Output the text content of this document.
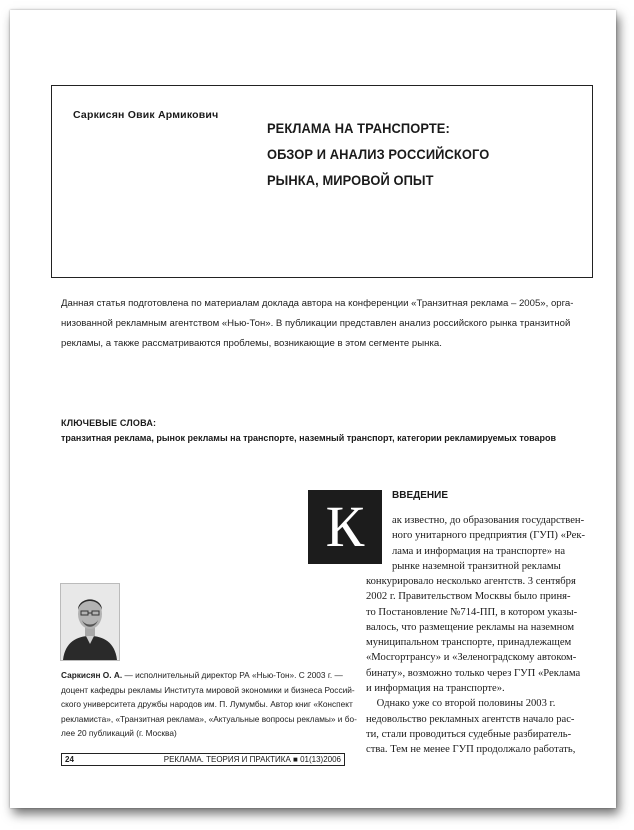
Саркисян Овик Армикович
РЕКЛАМА НА ТРАНСПОРТЕ:
ОБЗОР И АНАЛИЗ РОССИЙСКОГО
РЫНКА, МИРОВОЙ ОПЫТ
Данная статья подготовлена по материалам доклада автора на конференции «Транзитная реклама – 2005», орга-
низованной рекламным агентством «Нью-Тон». В публикации представлен анализ российского рынка транзитной
рекламы, а также рассматриваются проблемы, возникающие в этом сегменте рынка.
КЛЮЧЕВЫЕ СЛОВА:
транзитная реклама, рынок рекламы на транспорте, наземный транспорт, категории рекламируемых товаров
К	ВВЕДЕНИЕ
ак известно, до образования государствен-
ного унитарного предприятия (ГУП) «Рек-
лама и информация на транспорте» на
рынке наземной транзитной рекламы
конкурировало несколько агентств. 3 сентября
2002 г. Правительством Москвы было приня-
то Постановление №714-ПП, в котором указы-
валось, что размещение рекламы на наземном
муниципальном транспорте, принадлежащем
«Мосгортрансу» и «Зеленоградскому автоком-
бинату», возможно только через ГУП «Реклама
и информация на транспорте».
Однако уже со второй половины 2003 г.
недовольство рекламных агентств начало рас-
ти, стали проводиться судебные разбиратель-
ства. Тем не менее ГУП продолжало работать,
Саркисян О. А. — исполнительный директор РА «Нью-Тон». С 2003 г. —
доцент кафедры рекламы Института мировой экономики и бизнеса Россий-
ского университета дружбы народов им. П. Лумумбы. Автор книг «Конспект
рекламиста», «Транзитная реклама», «Актуальные вопросы рекламы» и бо-
лее 20 публикаций (г. Москва)
24	РЕКЛАМА. ТЕОРИЯ И ПРАКТИКА ■ 01(13)2006
